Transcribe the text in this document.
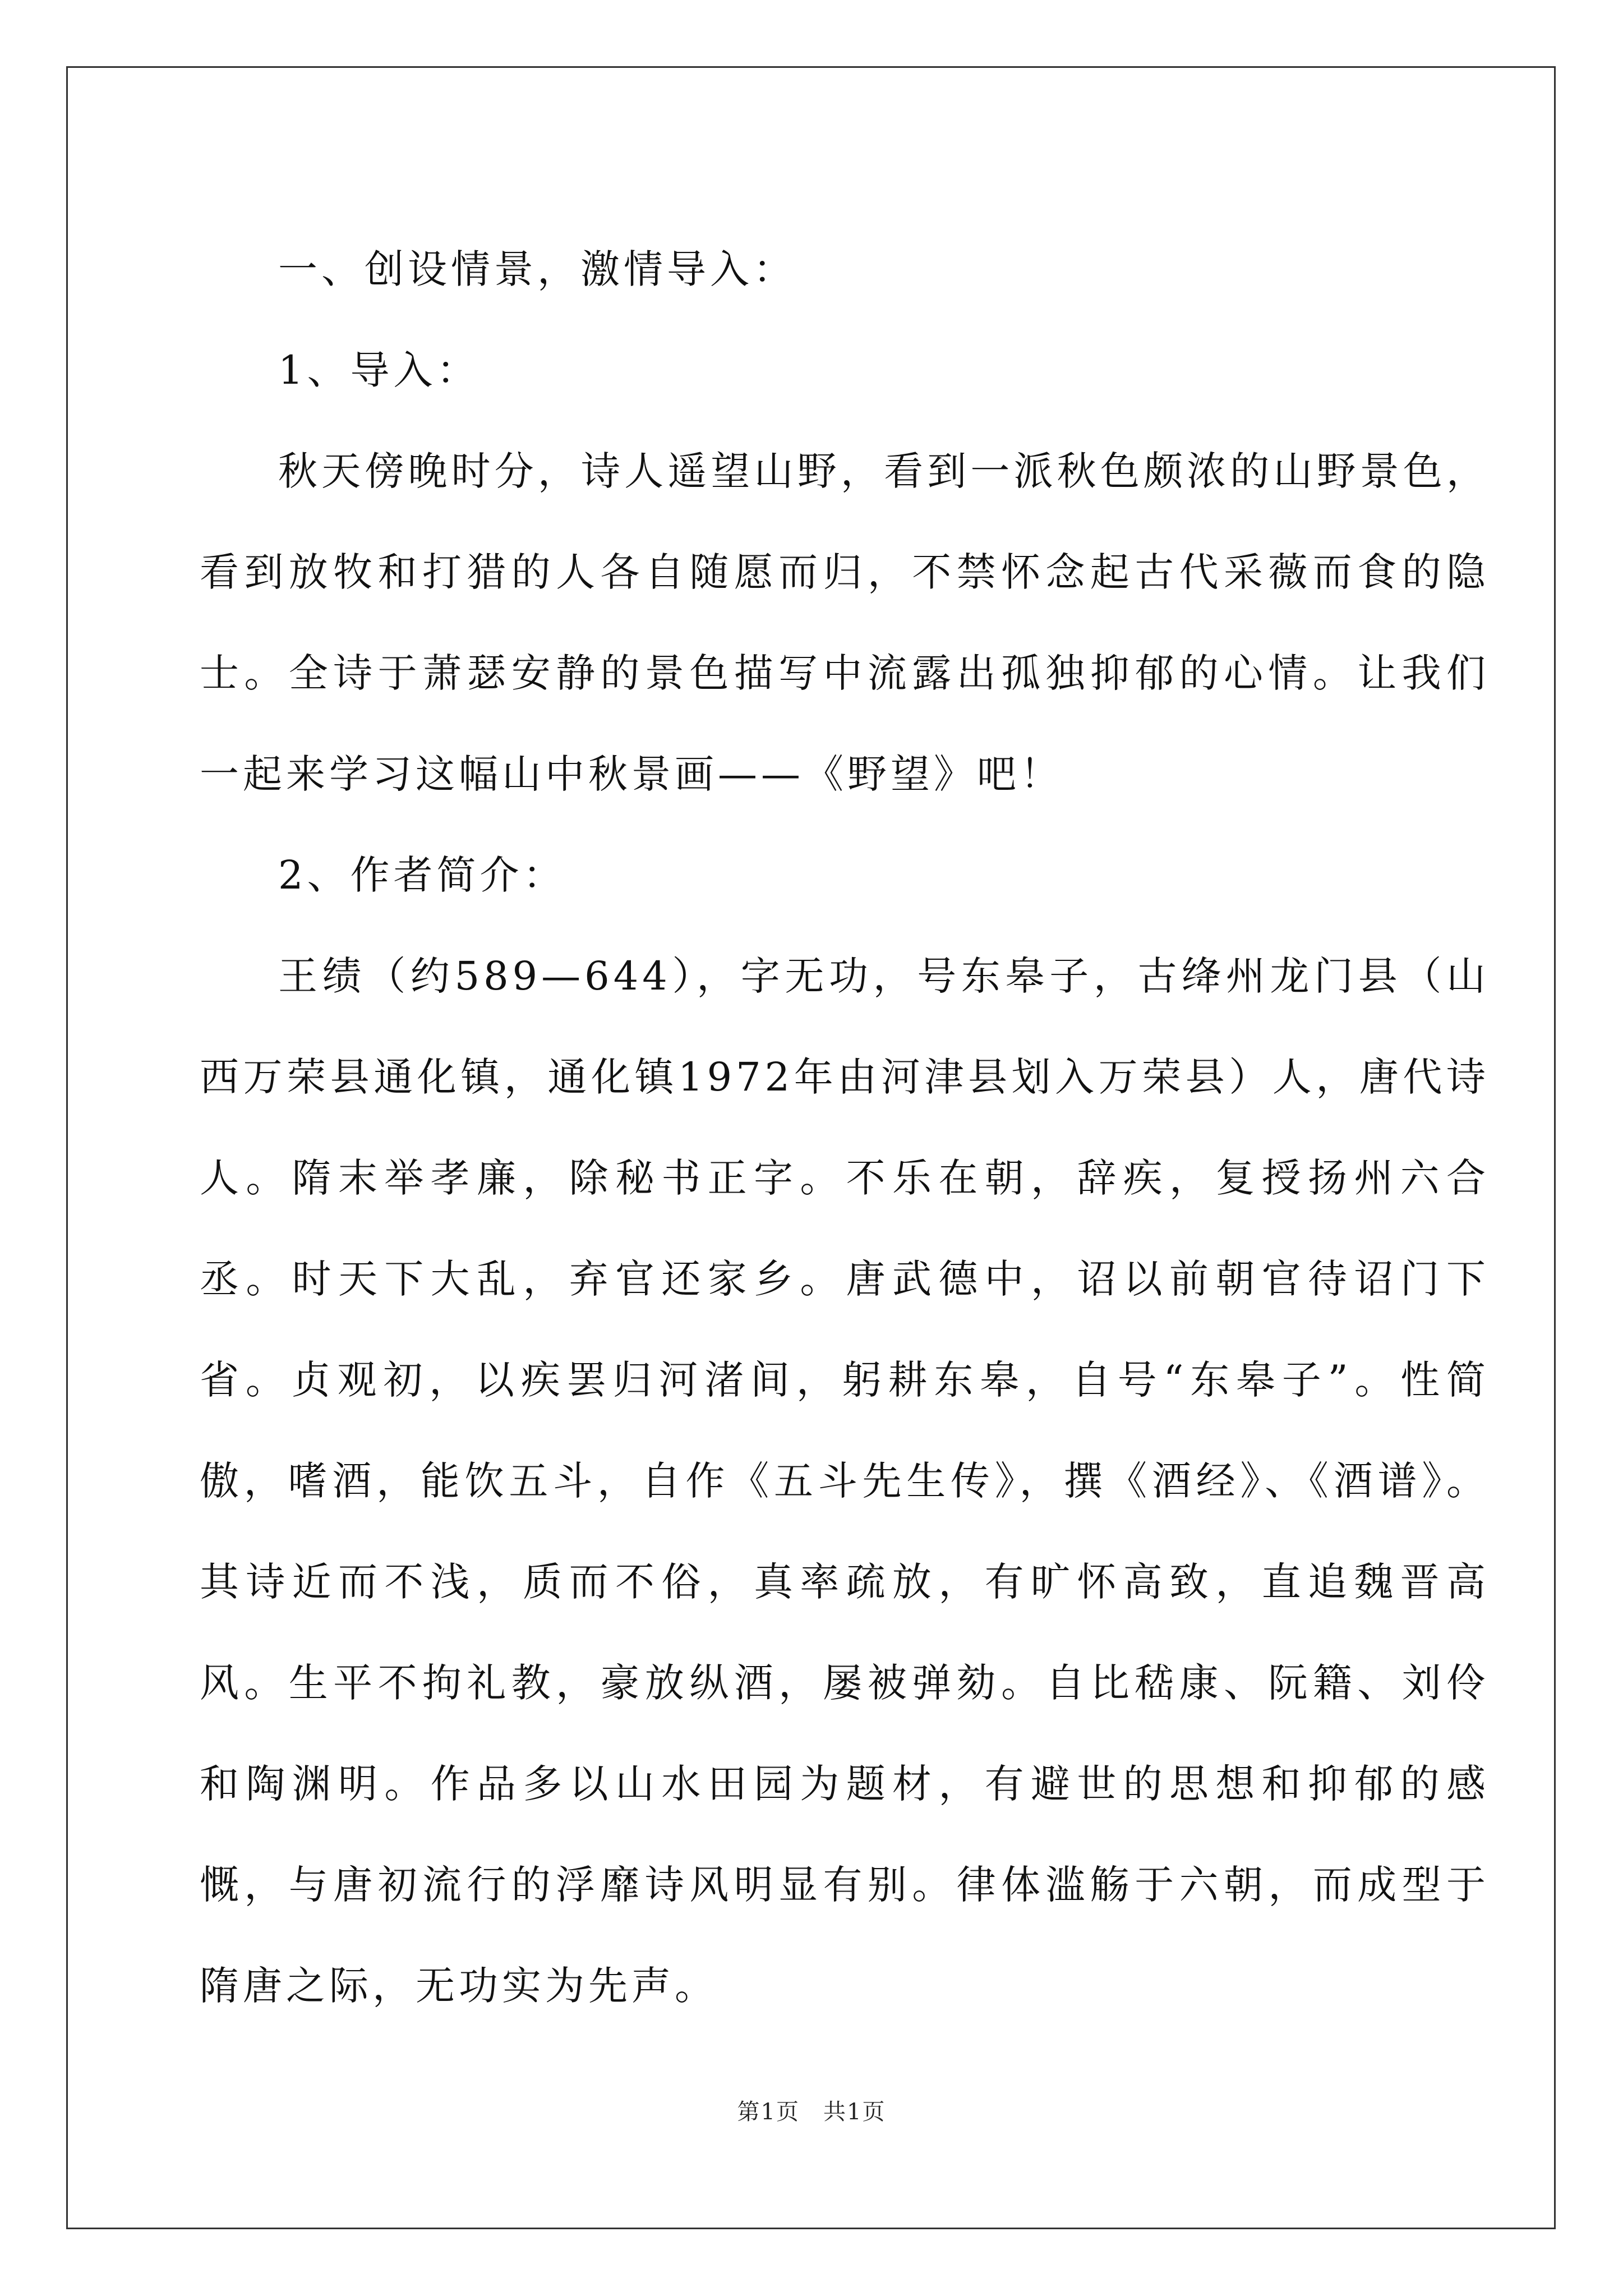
一、创设情景，激情导入：

1、导入：

秋天傍晚时分，诗人遥望山野，看到一派秋色颇浓的山野景色，看到放牧和打猎的人各自随愿而归，不禁怀念起古代采薇而食的隐士。全诗于萧瑟安静的景色描写中流露出孤独抑郁的心情。让我们一起来学习这幅山中秋景画——《野望》吧！

2、作者简介：

王绩（约589—644），字无功，号东皋子，古绛州龙门县（山西万荣县通化镇，通化镇1972年由河津县划入万荣县）人，唐代诗人。隋末举孝廉，除秘书正字。不乐在朝，辞疾，复授扬州六合丞。时天下大乱，弃官还家乡。唐武德中，诏以前朝官待诏门下省。贞观初，以疾罢归河渚间，躬耕东皋，自号“东皋子”。性简傲，嗜酒，能饮五斗，自作《五斗先生传》，撰《酒经》、《酒谱》。其诗近而不浅，质而不俗，真率疏放，有旷怀高致，直追魏晋高风。生平不拘礼教，豪放纵酒，屡被弹劾。自比嵇康、阮籍、刘伶和陶渊明。作品多以山水田园为题材，有避世的思想和抑郁的感慨，与唐初流行的浮靡诗风明显有别。律体滥觞于六朝，而成型于隋唐之际，无功实为先声。

第1页　共1页
